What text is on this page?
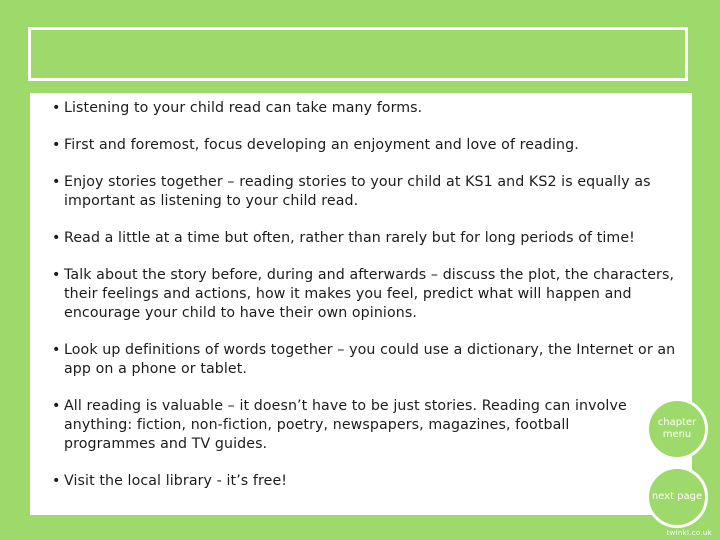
• Listening to your child read can take many forms.
• First and foremost, focus developing an enjoyment and love of reading.
• Enjoy stories together – reading stories to your child at KS1 and KS2 is equally as important as listening to your child read.
• Read a little at a time but often, rather than rarely but for long periods of time!
• Talk about the story before, during and afterwards – discuss the plot, the characters, their feelings and actions, how it makes you feel, predict what will happen and encourage your child to have their own opinions.
• Look up definitions of words together – you could use a dictionary, the Internet or an app on a phone or tablet.
• All reading is valuable – it doesn’t have to be just stories. Reading can involve anything: fiction, non-fiction, poetry, newspapers, magazines, football programmes and TV guides.
• Visit the local library - it’s free!
chapter menu
next page
twinkl.co.uk
